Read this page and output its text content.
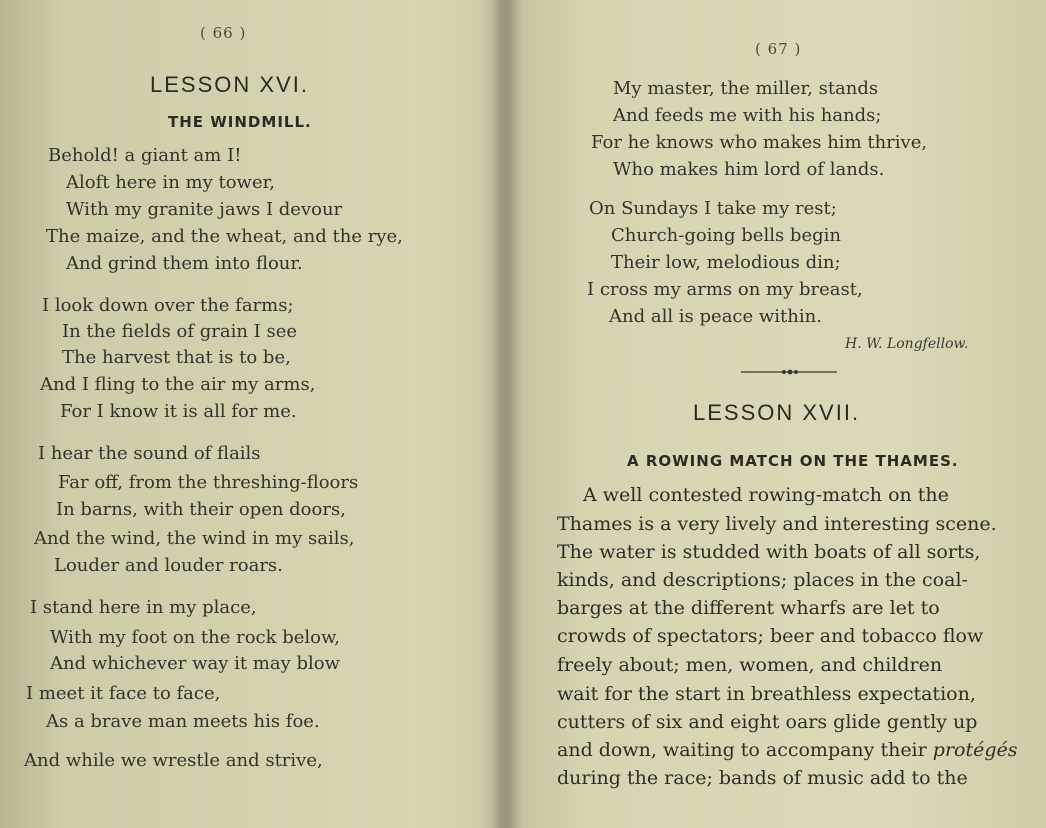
( 66 )
LESSON XVI.
THE WINDMILL.
Behold! a giant am I!
Aloft here in my tower,
With my granite jaws I devour
The maize, and the wheat, and the rye,
And grind them into flour.
I look down over the farms;
In the fields of grain I see
The harvest that is to be,
And I fling to the air my arms,
For I know it is all for me.
I hear the sound of flails
Far off, from the threshing-floors
In barns, with their open doors,
And the wind, the wind in my sails,
Louder and louder roars.
I stand here in my place,
With my foot on the rock below,
And whichever way it may blow
I meet it face to face,
As a brave man meets his foe.
And while we wrestle and strive,
( 67 )
My master, the miller, stands
And feeds me with his hands;
For he knows who makes him thrive,
Who makes him lord of lands.
On Sundays I take my rest;
Church-going bells begin
Their low, melodious din;
I cross my arms on my breast,
And all is peace within.
H. W. Longfellow.
LESSON XVII.
A ROWING MATCH ON THE THAMES.
A well contested rowing-match on the
Thames is a very lively and interesting scene.
The water is studded with boats of all sorts,
kinds, and descriptions; places in the coal-
barges at the different wharfs are let to
crowds of spectators; beer and tobacco flow
freely about; men, women, and children
wait for the start in breathless expectation,
cutters of six and eight oars glide gently up
and down, waiting to accompany their protégés
during the race; bands of music add to the
